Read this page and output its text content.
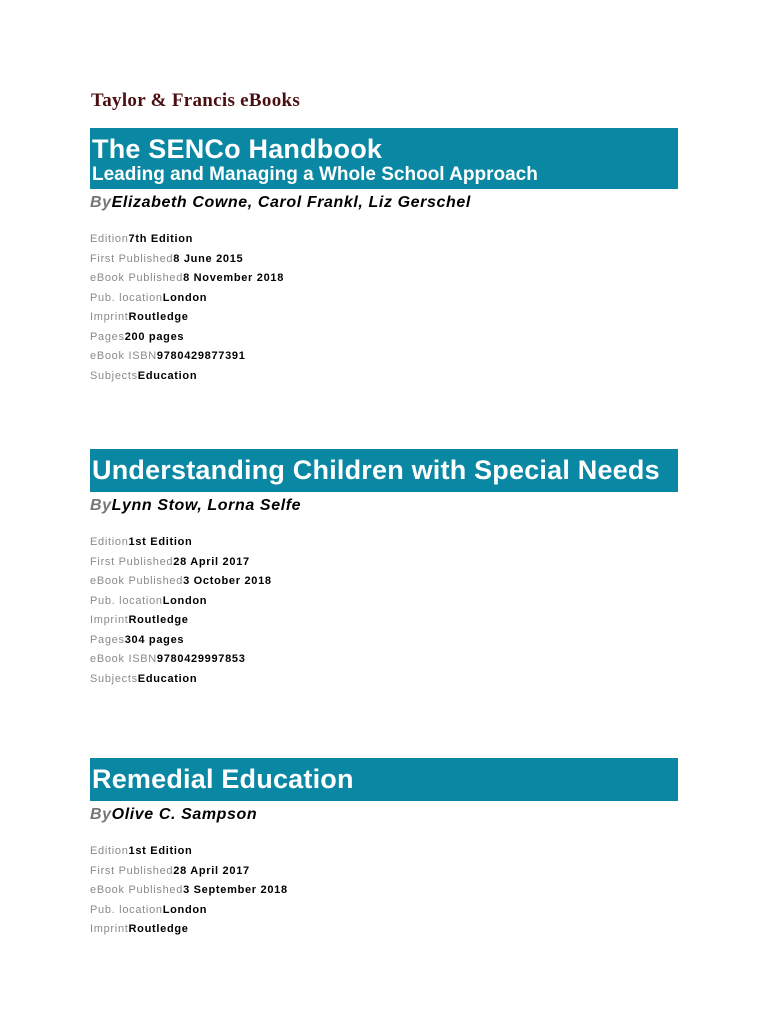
Taylor & Francis eBooks
The SENCo Handbook
Leading and Managing a Whole School Approach
ByElizabeth Cowne, Carol Frankl, Liz Gerschel
Edition7th Edition
First Published8 June 2015
eBook Published8 November 2018
Pub. locationLondon
ImprintRoutledge
Pages200 pages
eBook ISBN9780429877391
SubjectsEducation
Understanding Children with Special Needs
ByLynn Stow, Lorna Selfe
Edition1st Edition
First Published28 April 2017
eBook Published3 October 2018
Pub. locationLondon
ImprintRoutledge
Pages304 pages
eBook ISBN9780429997853
SubjectsEducation
Remedial Education
ByOlive C. Sampson
Edition1st Edition
First Published28 April 2017
eBook Published3 September 2018
Pub. locationLondon
ImprintRoutledge
